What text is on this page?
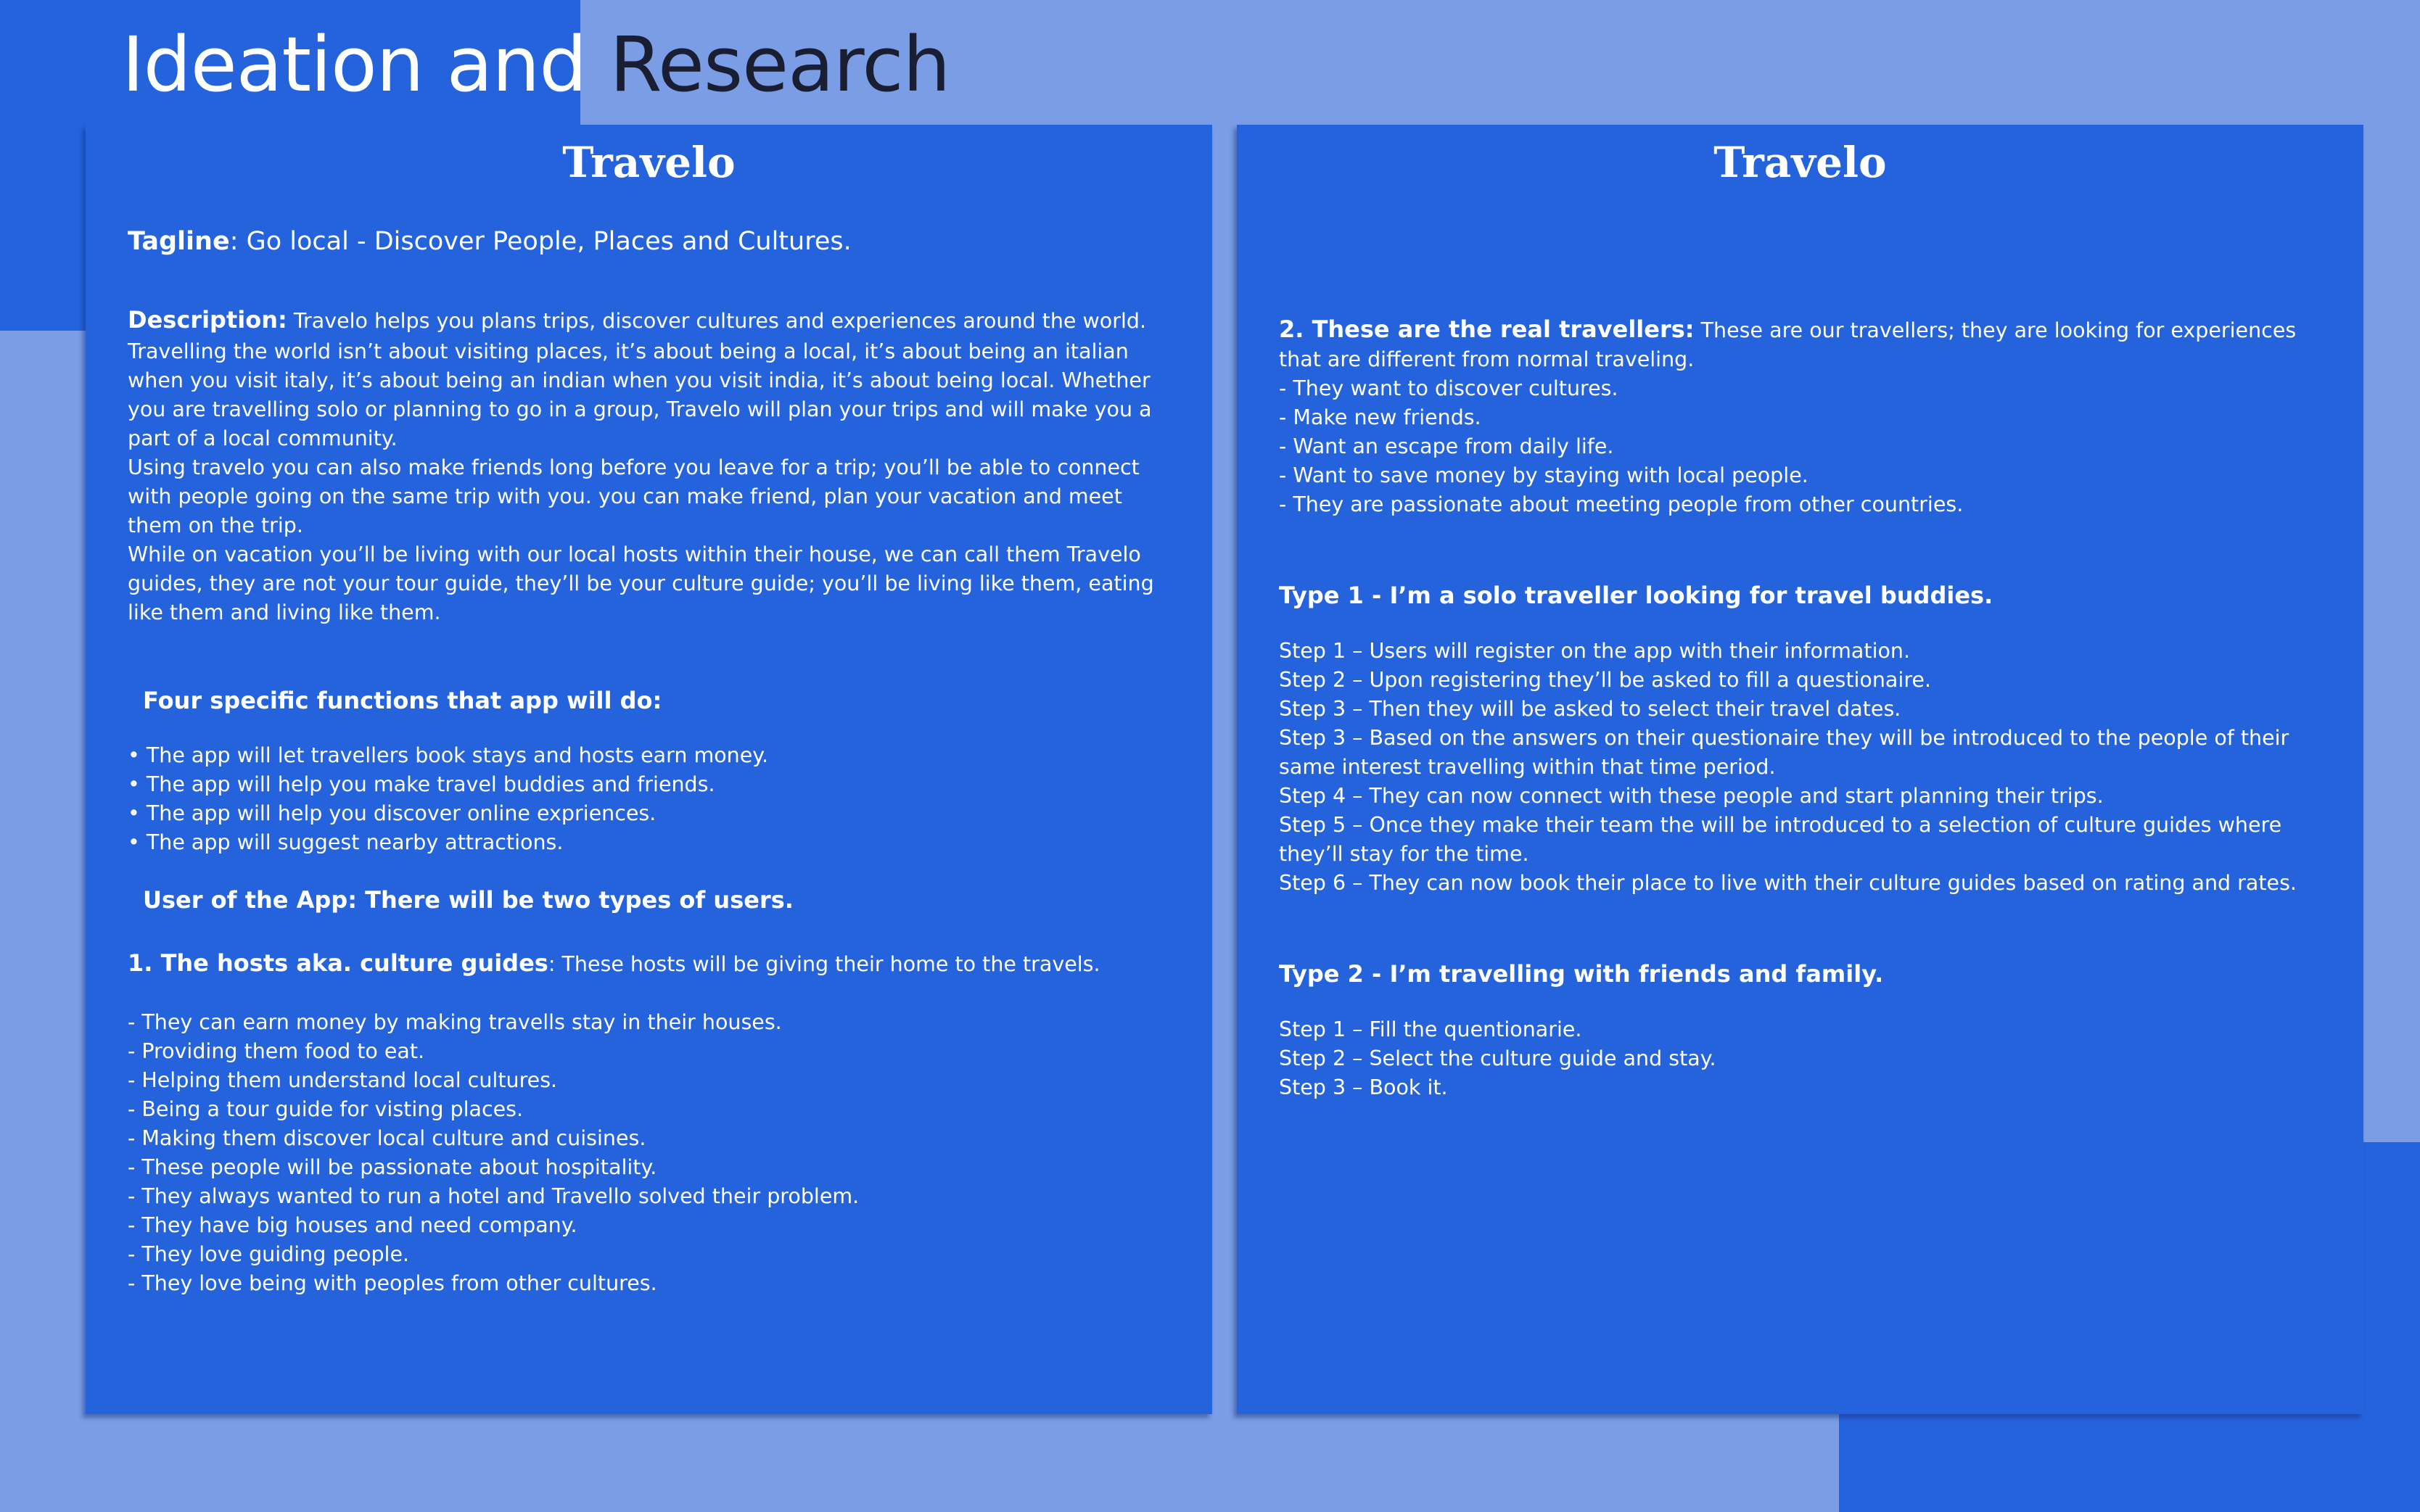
Ideation and Research
Travelo

Tagline: Go local - Discover People, Places and Cultures.

Description: Travelo helps you plans trips, discover cultures and experiences around the world. Travelling the world isn’t about visiting places, it’s about being a local, it’s about being an italian when you visit italy, it’s about being an indian when you visit india, it’s about being local. Whether you are travelling solo or planning to go in a group, Travelo will plan your trips and will make you a part of a local community.

Using travelo you can also make friends long before you leave for a trip; you’ll be able to connect with people going on the same trip with you. you can make friend, plan your vacation and meet them on the trip.

While on vacation you’ll be living with our local hosts within their house, we can call them Travelo guides, they are not your tour guide, they’ll be your culture guide; you’ll be living like them, eating like them and living like them.

Four specific functions that app will do:
• The app will let travellers book stays and hosts earn money.
• The app will help you make travel buddies and friends.
• The app will help you discover online expriences.
• The app will suggest nearby attractions.
User of the App: There will be two types of users.

1. The hosts aka. culture guides: These hosts will be giving their home to the travels.

- They can earn money by making travells stay in their houses.
- Providing them food to eat.
- Helping them understand local cultures.
- Being a tour guide for visting places.
- Making them discover local culture and cuisines.
- These people will be passionate about hospitality.
- They always wanted to run a hotel and Travello solved their problem.
- They have big houses and need company.
- They love guiding people.
- They love being with peoples from other cultures.
Travelo

2. These are the real travellers: These are our travellers; they are looking for experiences that are different from normal traveling.

- They want to discover cultures.
- Make new friends.
- Want an escape from daily life.
- Want to save money by staying with local people.
- They are passionate about meeting people from other countries.
Type 1 - I’m a solo traveller looking for travel buddies.

Step 1 – Users will register on the app with their information.

Step 2 – Upon registering they’ll be asked to fill a questionaire.

Step 3 – Then they will be asked to select their travel dates.

Step 3 – Based on the answers on their questionaire they will be introduced to the people of their same interest travelling within that time period.

Step 4 – They can now connect with these people and start planning their trips.

Step 5 – Once they make their team the will be introduced to a selection of culture guides where they’ll stay for the time.

Step 6 – They can now book their place to live with their culture guides based on rating and rates.

Type 2 - I’m travelling with friends and family.

Step 1 – Fill the quentionarie.

Step 2 – Select the culture guide and stay.

Step 3 – Book it.
